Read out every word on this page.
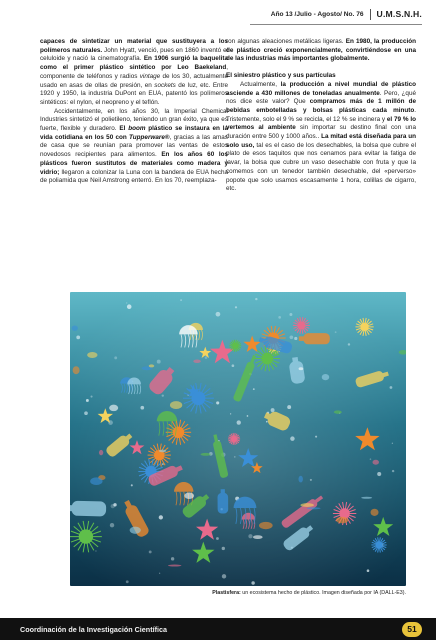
Año 13 /Julio - Agosto/ No. 76 U.M.S.N.H.

capaces de sintetizar un material que sustituyera a los polímeros naturales. John Hyatt, venció, pues en 1860 inventó el celuloide y nació la cinematografía. En 1906 surgió la baquelita como el primer plástico sintético por Leo Baekeland, componente de teléfonos y radios vintage de los 30, actualmente usado en asas de ollas de presión, en sockets de luz, etc. Entre 1920 y 1950, la industria DuPont en EUA, patentó los polímeros sintéticos: el nylon, el neopreno y el teflón.

Accidentalmente, en los años 30, la Imperial Chemical Industries sintetizó el polietileno, teniendo un gran éxito, ya que es fuerte, flexible y duradero. El boom plástico se instaura en la vida cotidiana en los 50 con Tupperware®, gracias a las amas de casa que se reunían para promover las ventas de estos novedosos recipientes para alimentos. En los años 60 los plásticos fueron sustitutos de materiales como madera y vidrio; llegaron a colonizar la Luna con la bandera de EUA hecha de poliamida que Neil Amstrong enterró. En los 70, reemplaza-

ron algunas aleaciones metálicas ligeras. En 1980, la producción de plástico creció exponencialmente, convirtiéndose en una de las industrias más importantes globalmente.

El siniestro plástico y sus partículas

Actualmente, la producción a nivel mundial de plástico asciende a 430 millones de toneladas anualmente. Pero, ¿qué nos dice este valor? Que compramos más de 1 millón de bebidas embotelladas y bolsas plásticas cada minuto. Tristemente, solo el 9 % se recicla, el 12 % se incinera y el 79 % lo vertemos al ambiente sin importar su destino final con una duración entre 500 y 1000 años.. La mitad está diseñada para un solo uso, tal es el caso de los desechables, la bolsa que cubre el plato de esos taquitos que nos cenamos para evitar la fatiga de lavar, la bolsa que cubre un vaso desechable con fruta y que la comemos con un tenedor también desechable, del «perverso» popote que solo usamos escasamente 1 hora, colillas de cigarro, etc.

Plastisfera: un ecosistema hecho de plástico. Imagen diseñada por IA (DALL-E3).
Coordinación de la Investigación Científica	51
